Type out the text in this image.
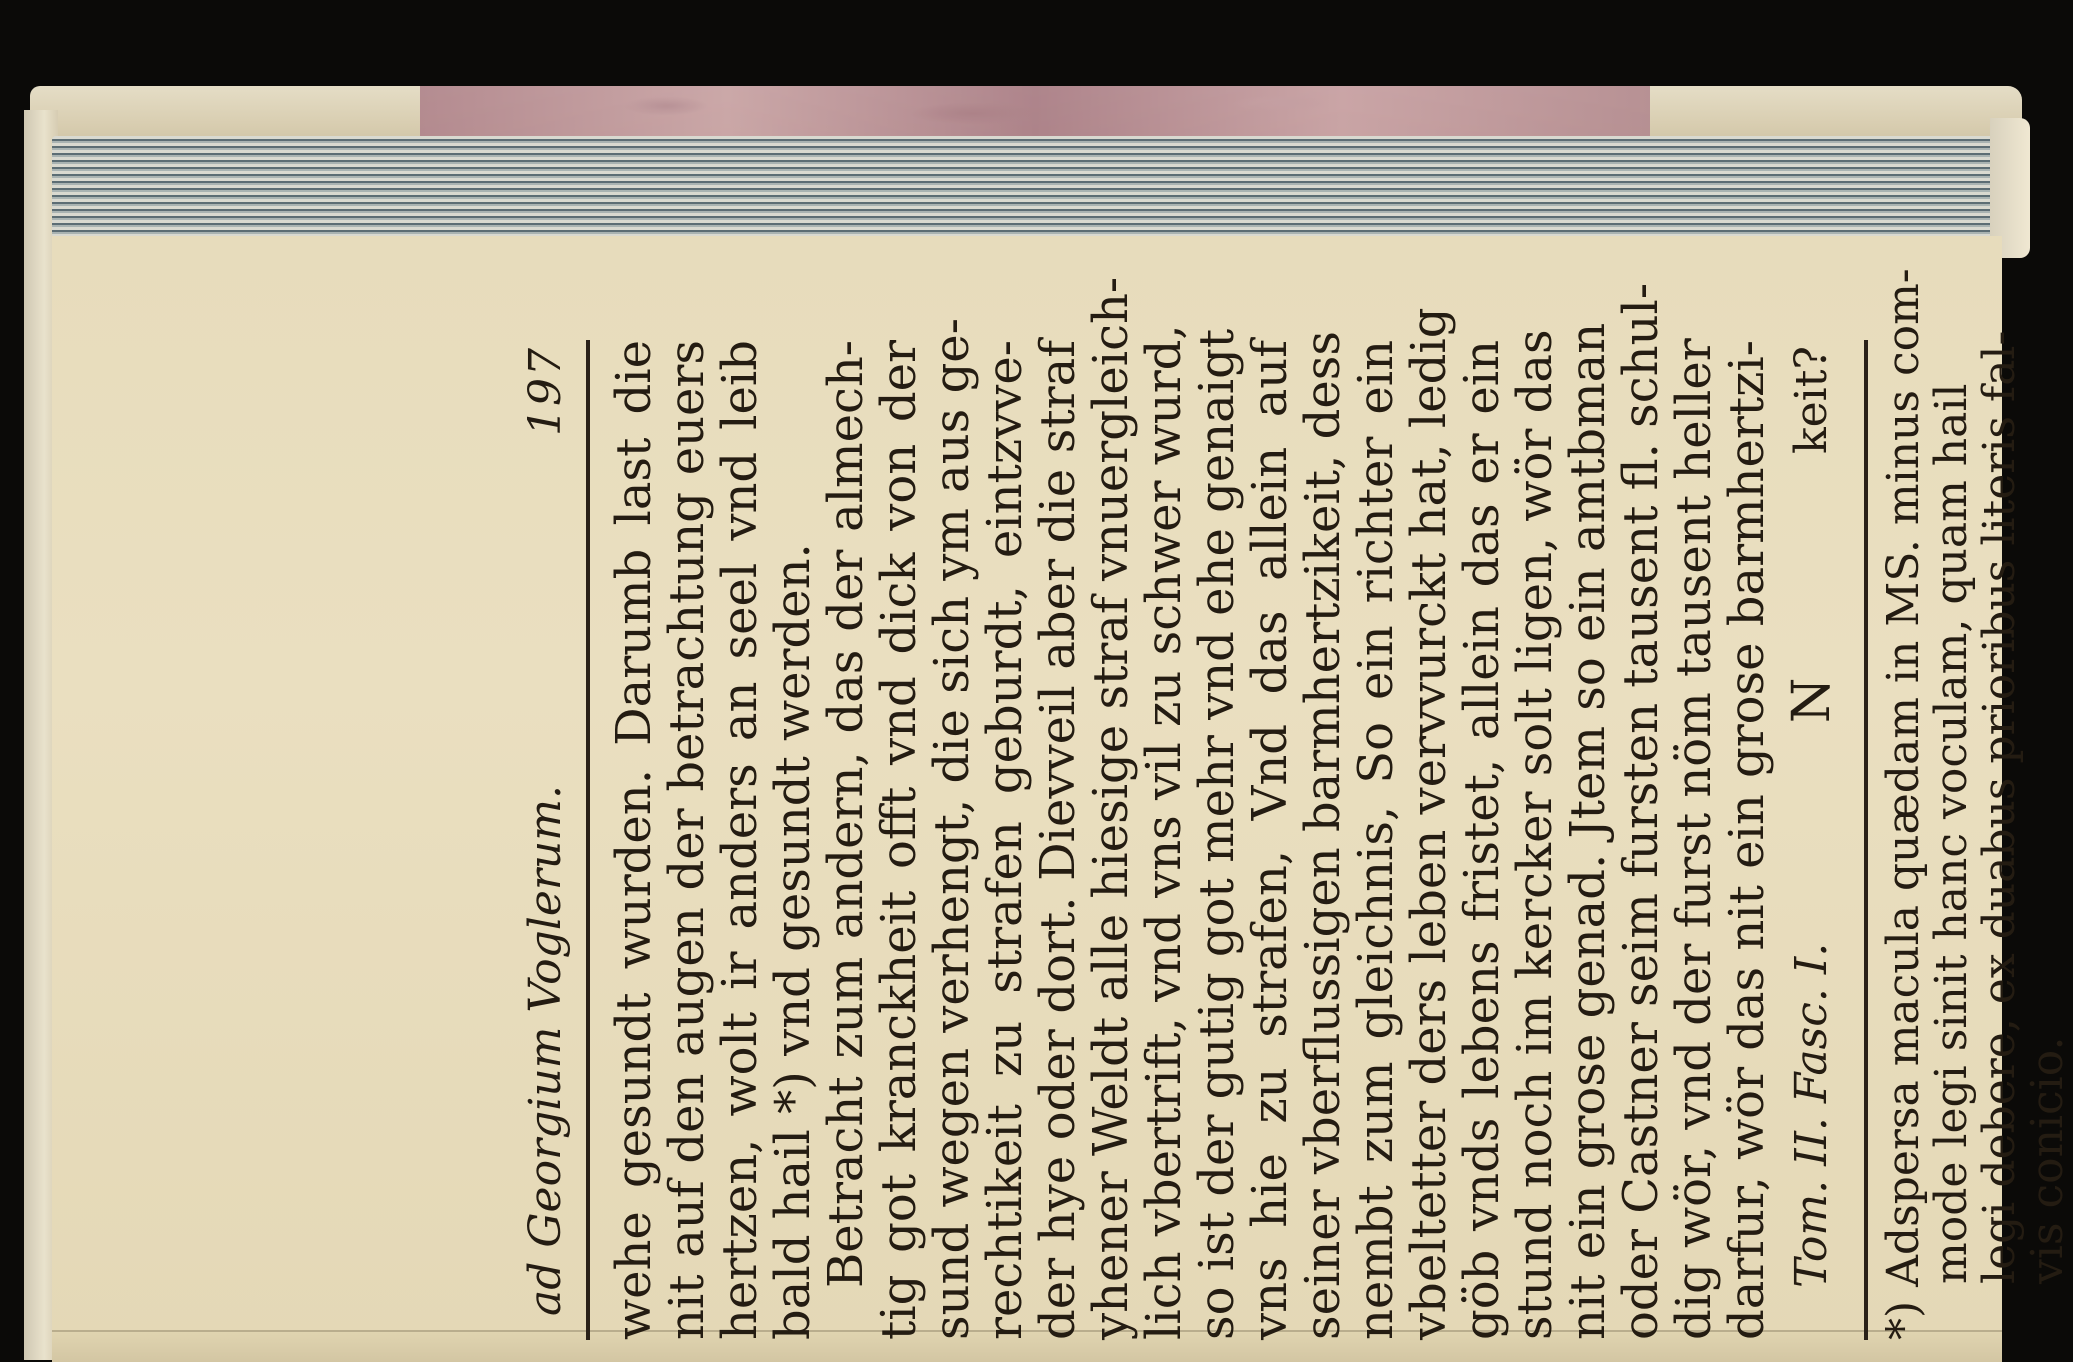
ad Georgium Voglerum.
197 wehe gesundt wurden. Darumb last die
nit auf den augen der betrachtung euers
hertzen, wolt ir anders an seel vnd leib
bald hail *) vnd gesundt werden.
Betracht zum andern, das der almech-
tig got kranckheit offt vnd dick von der
sund wegen verhengt, die sich ym aus ge-
rechtikeit zu strafen geburdt, eintzvve-
der hye oder dort. Dievveil aber die straf
yhener Weldt alle hiesige straf vnuergleich-
lich vbertrift, vnd vns vil zu schwer wurd,
so ist der gutig got mehr vnd ehe genaigt
vns hie zu strafen, Vnd das allein auf
seiner vberflussigen barmhertzikeit, dess
nembt zum gleichnis, So ein richter ein
vbeltetter ders leben vervvurckt hat, ledig
göb vnds lebens fristet, allein das er ein
stund noch im kercker solt ligen, wör das
nit ein grose genad. Jtem so ein amtbman
oder Castner seim fursten tausent fl. schul-
dig wör, vnd der furst nöm tausent heller
darfur, wör das nit ein grose barmhertzi- Tom. II. Fasc. I.
N
keit? *) Adspersa macula quædam in MS. minus com-
mode legi sinit hanc voculam, quam hail
legi debere, ex duabus prioribus literis fal-
vis conicio.
